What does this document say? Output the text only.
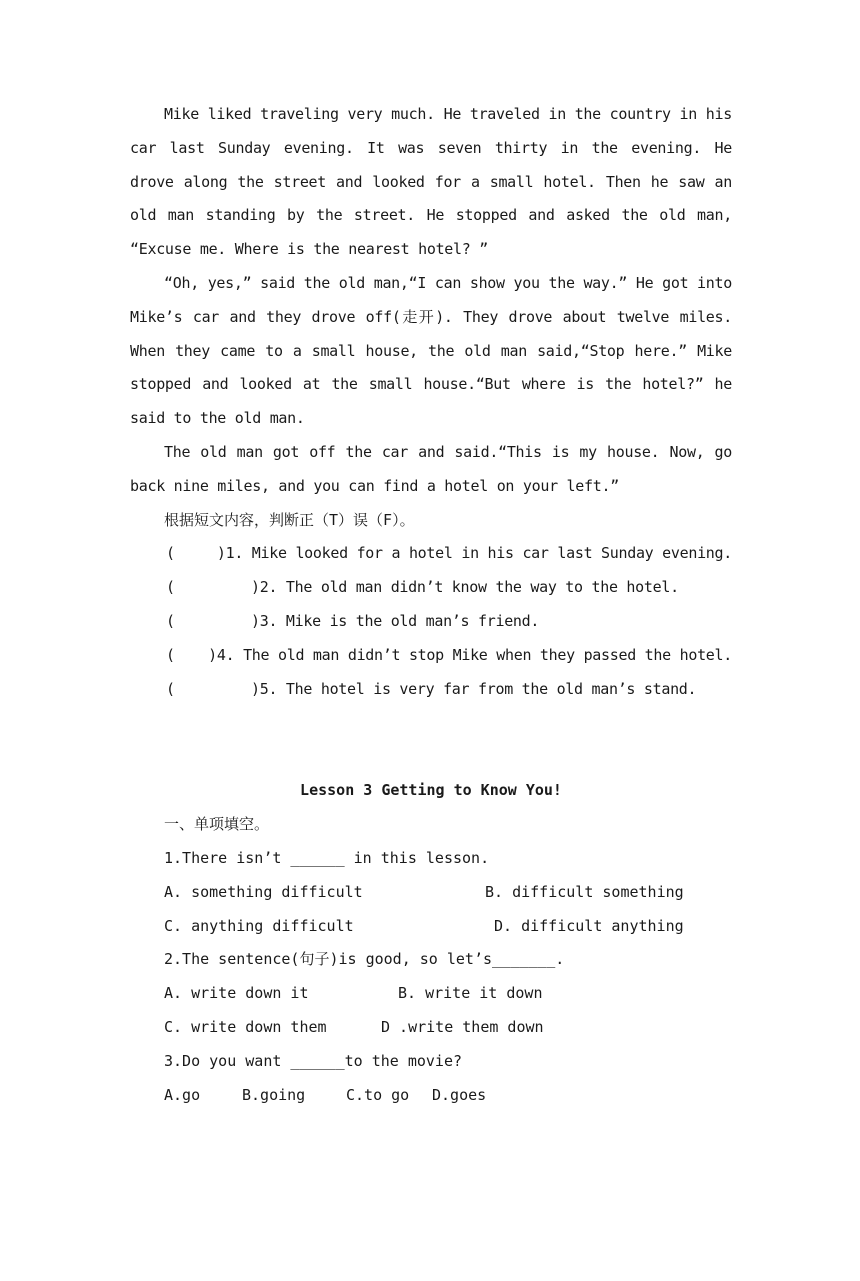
Mike liked traveling very much. He traveled in the country in his car last Sunday evening. It was seven thirty in the evening. He drove along the street and looked for a small hotel. Then he saw an old man standing by the street. He stopped and asked the old man, “Excuse me. Where is the nearest hotel? ”

“Oh, yes,” said the old man,“I can show you the way.” He got into Mike’s car and they drove off(走开). They drove about twelve miles. When they came to a small house, the old man said,“Stop here.” Mike stopped and looked at the small house.“But where is the hotel?” he said to the old man.

The old man got off the car and said.“This is my house. Now, go back nine miles, and you can find a hotel on your left.”

根据短文内容，判断正（T）误（F）。

(	)1. Mike looked for a hotel in his car last Sunday evening.
(	)2. The old man didn’t know the way to the hotel.
(	)3. Mike is the old man’s friend.
(	)4. The old man didn’t stop Mike when they passed the hotel.
(	)5. The hotel is very far from the old man’s stand.
Lesson 3 Getting to Know You!
一、单项填空。
1.There isn’t ______ in this lesson.

A. something difficult

	B. difficult something

C. anything difficult

	D. difficult anything

2.The sentence(句子)is good, so let’s_______.

A. write down it

	B. write it down

C. write down them

	D .write them down

3.Do you want ______to the movie?

A.go

	B.going

	C.to go

D.goes
